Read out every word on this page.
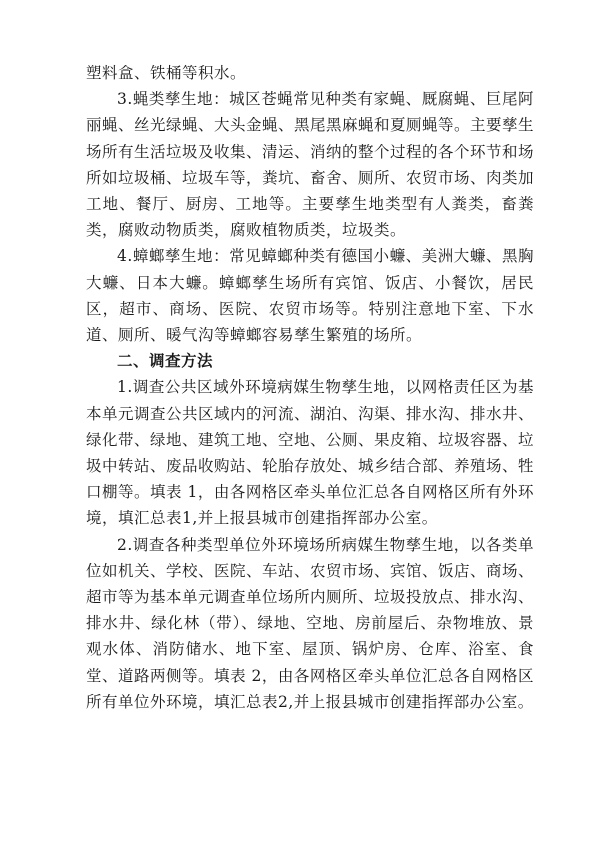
塑料盒、铁桶等积水。

3.蝇类孳生地：城区苍蝇常见种类有家蝇、厩腐蝇、巨尾阿丽蝇、丝光绿蝇、大头金蝇、黑尾黑麻蝇和夏厕蝇等。主要孳生场所有生活垃圾及收集、清运、消纳的整个过程的各个环节和场所如垃圾桶、垃圾车等，粪坑、畜舍、厕所、农贸市场、肉类加工地、餐厅、厨房、工地等。主要孳生地类型有人粪类，畜粪类，腐败动物质类，腐败植物质类，垃圾类。

4.蟑螂孳生地：常见蟑螂种类有德国小蠊、美洲大蠊、黑胸大蠊、日本大蠊。蟑螂孳生场所有宾馆、饭店、小餐饮，居民区，超市、商场、医院、农贸市场等。特别注意地下室、下水道、厕所、暖气沟等蟑螂容易孳生繁殖的场所。

二、调查方法

1.调查公共区域外环境病媒生物孳生地，以网格责任区为基本单元调查公共区域内的河流、湖泊、沟渠、排水沟、排水井、绿化带、绿地、建筑工地、空地、公厕、果皮箱、垃圾容器、垃圾中转站、废品收购站、轮胎存放处、城乡结合部、养殖场、牲口棚等。填表 1，由各网格区牵头单位汇总各自网格区所有外环境，填汇总表1,并上报县城市创建指挥部办公室。

2.调查各种类型单位外环境场所病媒生物孳生地，以各类单位如机关、学校、医院、车站、农贸市场、宾馆、饭店、商场、超市等为基本单元调查单位场所内厕所、垃圾投放点、排水沟、排水井、绿化林（带）、绿地、空地、房前屋后、杂物堆放、景观水体、消防储水、地下室、屋顶、锅炉房、仓库、浴室、食堂、道路两侧等。填表 2，由各网格区牵头单位汇总各自网格区所有单位外环境，填汇总表2,并上报县城市创建指挥部办公室。
